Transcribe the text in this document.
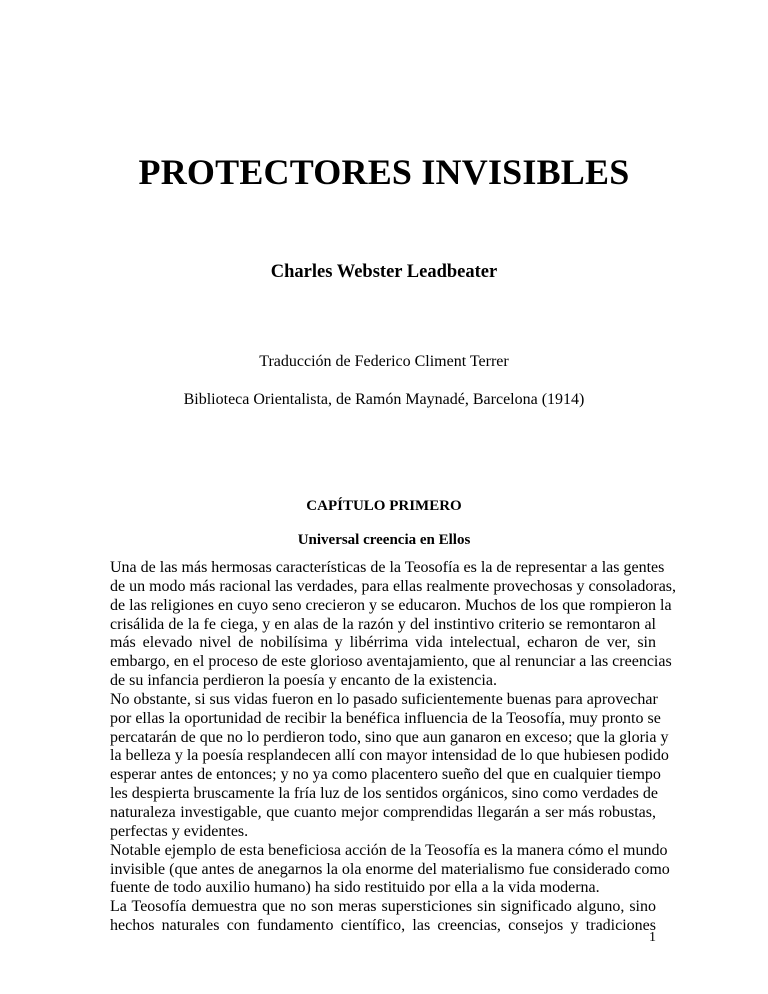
PROTECTORES INVISIBLES
Charles Webster Leadbeater
Traducción de Federico Climent Terrer
Biblioteca Orientalista, de Ramón Maynadé, Barcelona (1914)
CAPÍTULO PRIMERO
Universal creencia en Ellos
Una de las más hermosas características de la Teosofía es la de representar a las gentes
de un modo más racional las verdades, para ellas realmente provechosas y consoladoras,
de las religiones en cuyo seno crecieron y se educaron. Muchos de los que rompieron la
crisálida de la fe ciega, y en alas de la razón y del instintivo criterio se remontaron al
más elevado nivel de nobilísima y libérrima vida intelectual, echaron de ver, sin
embargo, en el proceso de este glorioso aventajamiento, que al renunciar a las creencias
de su infancia perdieron la poesía y encanto de la existencia.
No obstante, si sus vidas fueron en lo pasado suficientemente buenas para aprovechar
por ellas la oportunidad de recibir la benéfica influencia de la Teosofía, muy pronto se
percatarán de que no lo perdieron todo, sino que aun ganaron en exceso; que la gloria y
la belleza y la poesía resplandecen allí con mayor intensidad de lo que hubiesen podido
esperar antes de entonces; y no ya como placentero sueño del que en cualquier tiempo
les despierta bruscamente la fría luz de los sentidos orgánicos, sino como verdades de
naturaleza investigable, que cuanto mejor comprendidas llegarán a ser más robustas,
perfectas y evidentes.
Notable ejemplo de esta beneficiosa acción de la Teosofía es la manera cómo el mundo
invisible (que antes de anegarnos la ola enorme del materialismo fue considerado como
fuente de todo auxilio humano) ha sido restituido por ella a la vida moderna.
La Teosofía demuestra que no son meras supersticiones sin significado alguno, sino
hechos naturales con fundamento científico, las creencias, consejos y tradiciones
1
